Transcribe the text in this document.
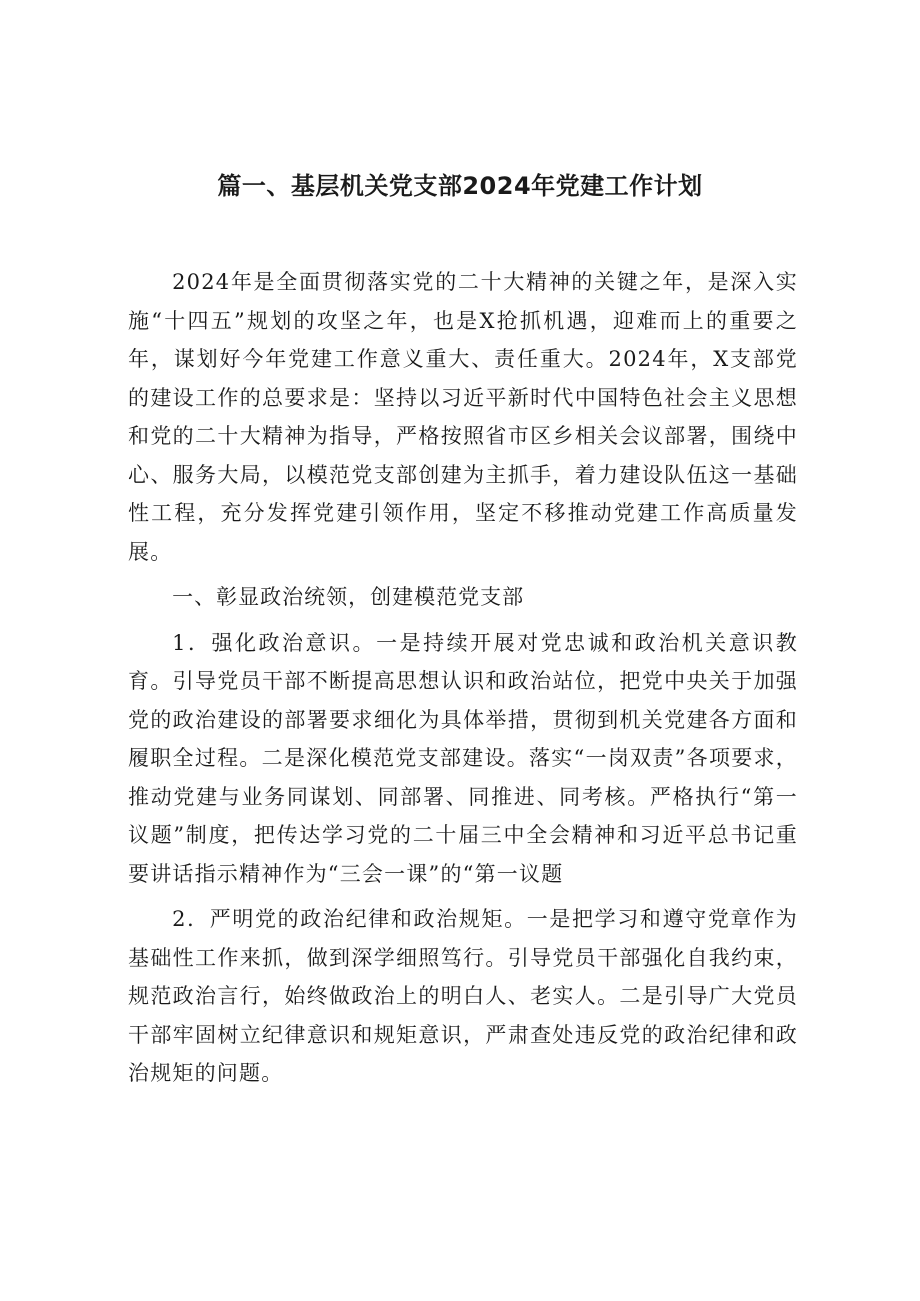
篇一、基层机关党支部2024年党建工作计划

2024年是全面贯彻落实党的二十大精神的关键之年，是深入实施“十四五”规划的攻坚之年，也是X抢抓机遇，迎难而上的重要之年，谋划好今年党建工作意义重大、责任重大。2024年，X支部党的建设工作的总要求是：坚持以习近平新时代中国特色社会主义思想和党的二十大精神为指导，严格按照省市区乡相关会议部署，围绕中心、服务大局，以模范党支部创建为主抓手，着力建设队伍这一基础性工程，充分发挥党建引领作用，坚定不移推动党建工作高质量发展。

一、彰显政治统领，创建模范党支部

1．强化政治意识。一是持续开展对党忠诚和政治机关意识教育。引导党员干部不断提高思想认识和政治站位，把党中央关于加强党的政治建设的部署要求细化为具体举措，贯彻到机关党建各方面和履职全过程。二是深化模范党支部建设。落实“一岗双责”各项要求，推动党建与业务同谋划、同部署、同推进、同考核。严格执行“第一议题”制度，把传达学习党的二十届三中全会精神和习近平总书记重要讲话指示精神作为“三会一课”的“第一议题

2．严明党的政治纪律和政治规矩。一是把学习和遵守党章作为基础性工作来抓，做到深学细照笃行。引导党员干部强化自我约束，规范政治言行，始终做政治上的明白人、老实人。二是引导广大党员干部牢固树立纪律意识和规矩意识，严肃查处违反党的政治纪律和政治规矩的问题。
